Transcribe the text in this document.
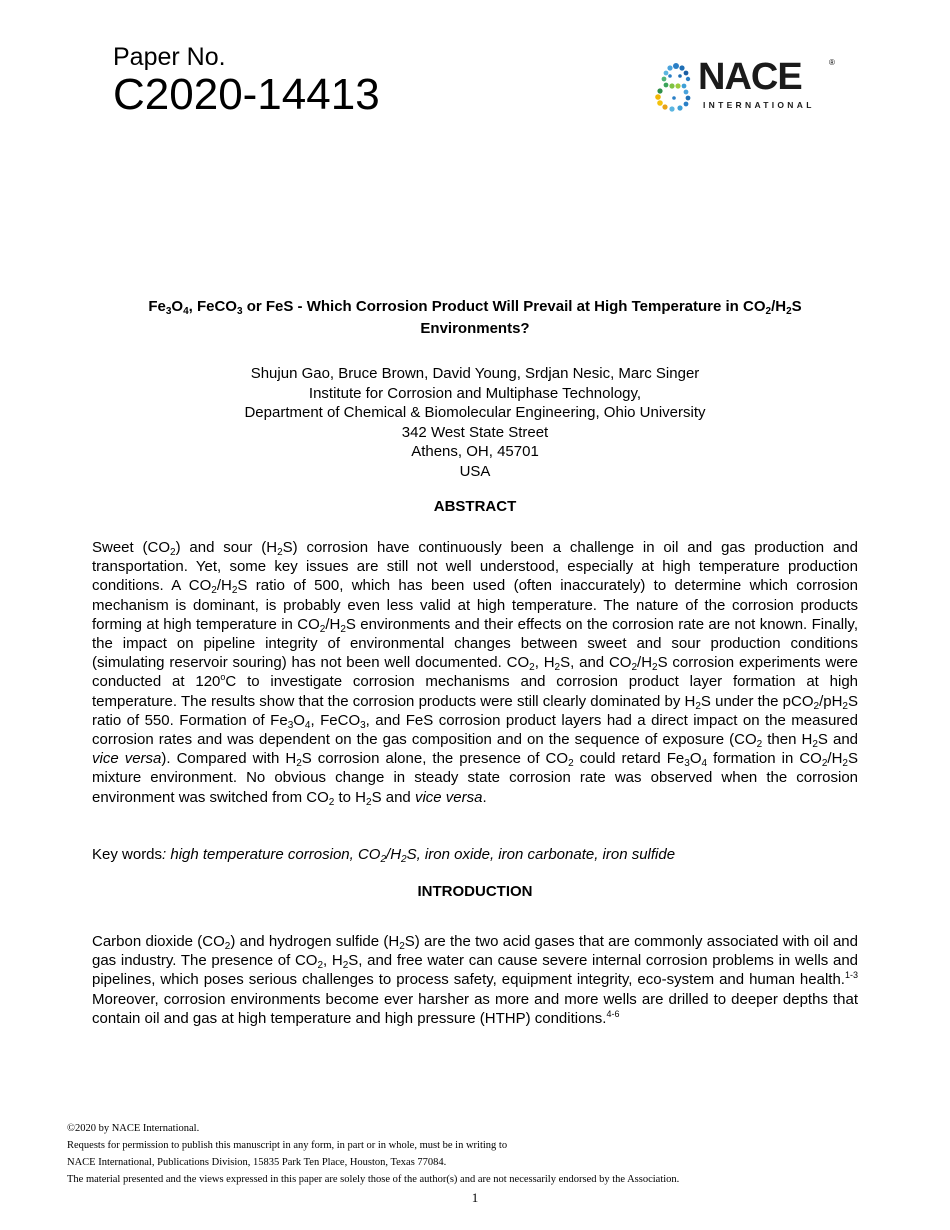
Paper No.
C2020-14413	NACE	®
INTERNATIONAL
$Fe_3O_4$, FeCO$_3$ or FeS - Which Corrosion Product Will Prevail at High Temperature in $CO_2/H_2S$
Environments?
Shujun Gao, Bruce Brown, David Young, Srdjan Nesic, Marc Singer
Institute for Corrosion and Multiphase Technology,
Department of Chemical & Biomolecular Engineering, Ohio University
342 West State Street
Athens, OH, 45701
USA
ABSTRACT
Sweet $(CO_2)$ and sour $(H_2S)$ corrosion have continuously been a challenge in oil and gas production and transportation. Yet, some key issues are still not well understood, especially at high temperature production conditions. A $CO_2/H_2S$ ratio of 500, which has been used (often inaccurately) to determine which corrosion mechanism is dominant, is probably even less valid at high temperature. The nature of the corrosion products forming at high temperature in $CO_2/H_2S$ environments and their effects on the corrosion rate are not known. Finally, the impact on pipeline integrity of environmental changes between sweet and sour production conditions (simulating reservoir souring) has not been well documented. $CO_2$, $H_2S$, and $CO_2/H_2S$ corrosion experiments were conducted at 120$^o$C to investigate corrosion mechanisms and corrosion product layer formation at high temperature. The results show that the corrosion products were still clearly dominated by $H_2S$ under the $pCO_2/pH_2S$ ratio of 550. Formation of $Fe_3O_4$, FeCO$_3$, and FeS corrosion product layers had a direct impact on the measured corrosion rates and was dependent on the gas composition and on the sequence of exposure ($CO_2$ then $H_2S$ and vice versa). Compared with $H_2S$ corrosion alone, the presence of $CO_2$ could retard $Fe_3O_4$ formation in $CO_2/H_2S$ mixture environment. No obvious change in steady state corrosion rate was observed when the corrosion environment was switched from $CO_2$ to $H_2S$ and vice versa.
Key words: high temperature corrosion, $CO_2/H_2S$, iron oxide, iron carbonate, iron sulfide
INTRODUCTION
Carbon dioxide $(CO_2)$ and hydrogen sulfide $(H_2S)$ are the two acid gases that are commonly associated with oil and gas industry. The presence of $CO_2$, $H_2S$, and free water can cause severe internal corrosion problems in wells and pipelines, which poses serious challenges to process safety, equipment integrity, eco-system and human health.$^{1-3}$ Moreover, corrosion environments become ever harsher as more and more wells are drilled to deeper depths that contain oil and gas at high temperature and high pressure (HTHP) conditions.$^{4-6}$
©2020 by NACE International.
Requests for permission to publish this manuscript in any form, in part or in whole, must be in writing to
NACE International, Publications Division, 15835 Park Ten Place, Houston, Texas 77084.
The material presented and the views expressed in this paper are solely those of the author(s) and are not necessarily endorsed by the Association.
1
